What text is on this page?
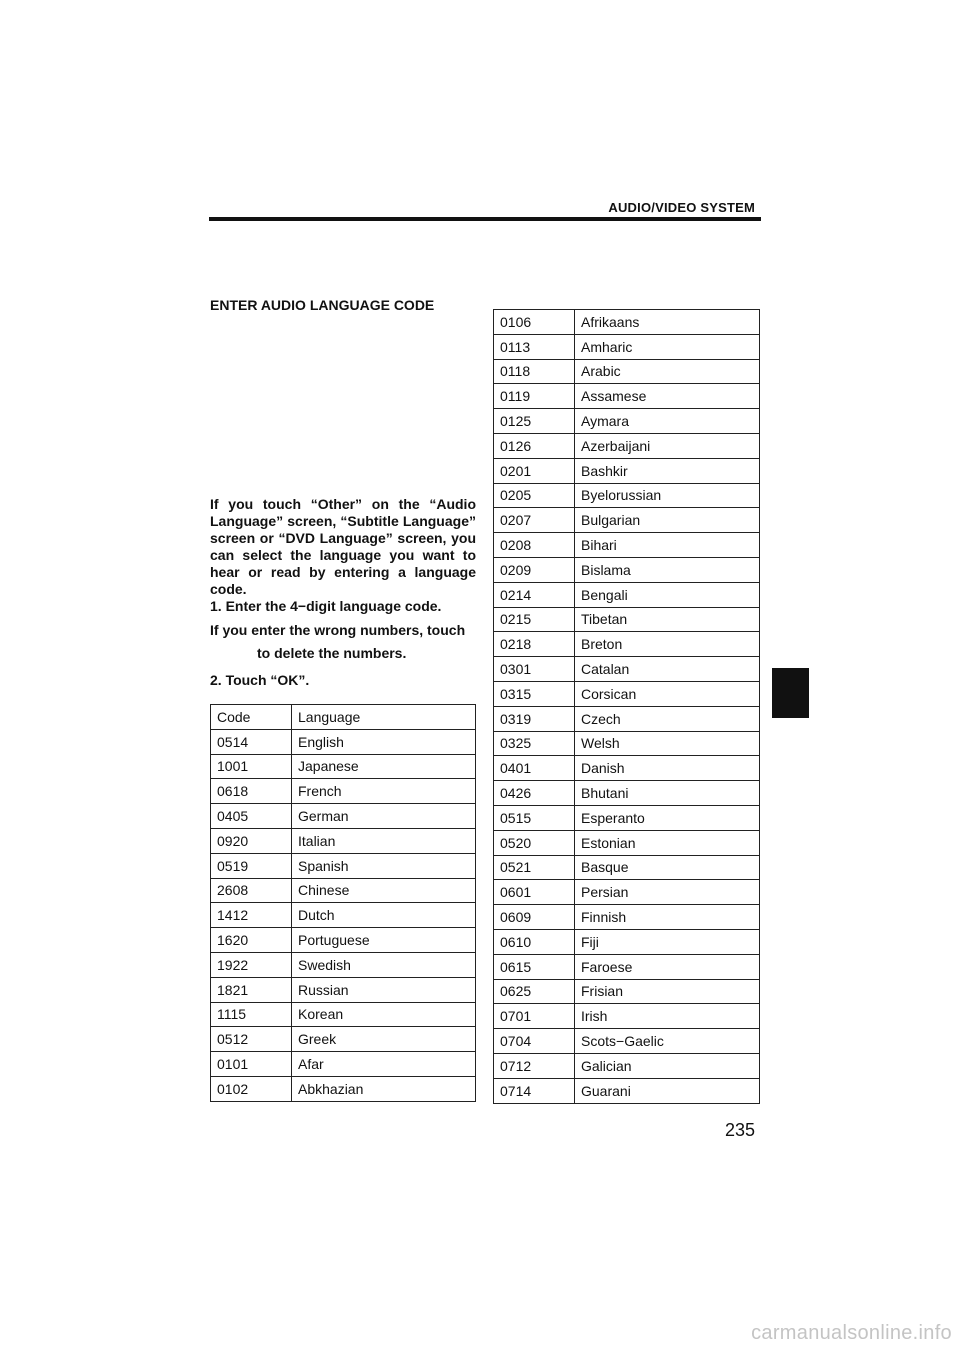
AUDIO/VIDEO SYSTEM
ENTER AUDIO LANGUAGE CODE
If you touch “Other” on the “Audio Language” screen, “Subtitle Language” screen or “DVD Language” screen, you can select the language you want to hear or read by entering a language code.
1. Enter the 4−digit language code.
If you enter the wrong numbers, touch
to delete the numbers.
2. Touch “OK”.
Code	Language
0514	English
1001	Japanese
0618	French
0405	German
0920	Italian
0519	Spanish
2608	Chinese
1412	Dutch
1620	Portuguese
1922	Swedish
1821	Russian
1115	Korean
0512	Greek
0101	Afar
0102	Abkhazian
0106	Afrikaans
0113	Amharic
0118	Arabic
0119	Assamese
0125	Aymara
0126	Azerbaijani
0201	Bashkir
0205	Byelorussian
0207	Bulgarian
0208	Bihari
0209	Bislama
0214	Bengali
0215	Tibetan
0218	Breton
0301	Catalan
0315	Corsican
0319	Czech
0325	Welsh
0401	Danish
0426	Bhutani
0515	Esperanto
0520	Estonian
0521	Basque
0601	Persian
0609	Finnish
0610	Fiji
0615	Faroese
0625	Frisian
0701	Irish
0704	Scots−Gaelic
0712	Galician
0714	Guarani
235
carmanualsonline.info
